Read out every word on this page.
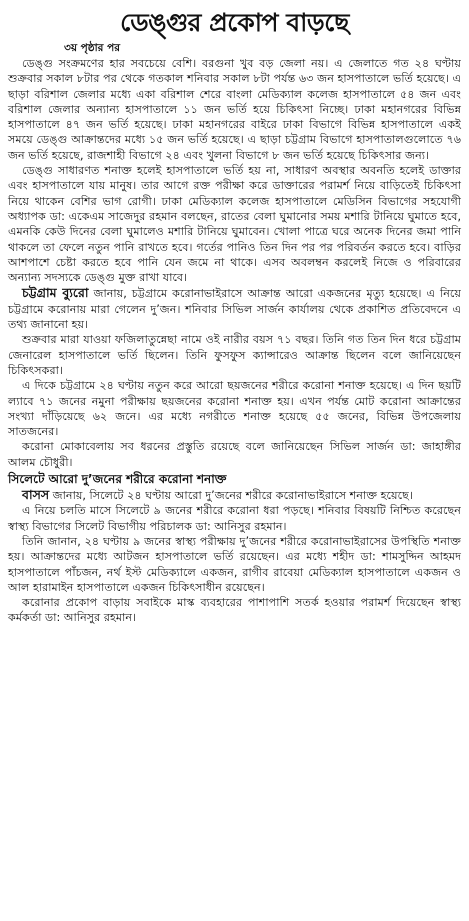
ডেঙ্গুর প্রকোপ বাড়ছে
৩য় পৃষ্ঠার পর

ডেঙ্গু সংক্রমণের হার সবচেয়ে বেশি। বরগুনা খুব বড় জেলা নয়। এ জেলাতে গত ২৪ ঘণ্টায় শুক্রবার সকাল ৮টার পর থেকে গতকাল শনিবার সকাল ৮টা পর্যন্ত ৬৩ জন হাসপাতালে ভর্তি হয়েছে। এ ছাড়া বরিশাল জেলার মধ্যে একা বরিশাল শেরে বাংলা মেডিক্যাল কলেজ হাসপাতালে ৫৪ জন এবং বরিশাল জেলার অন্যান্য হাসপাতালে ১১ জন ভর্তি হয়ে চিকিৎসা নিচ্ছে। ঢাকা মহানগরের বিভিন্ন হাসপাতালে ৪৭ জন ভর্তি হয়েছে। ঢাকা মহানগরের বাইরে ঢাকা বিভাগে বিভিন্ন হাসপাতালে একই সময়ে ডেঙ্গু আক্রান্তদের মধ্যে ১৫ জন ভর্তি হয়েছে। এ ছাড়া চট্টগ্রাম বিভাগে হাসপাতালগুলোতে ৭৬ জন ভর্তি হয়েছে, রাজশাহী বিভাগে ২৪ এবং খুলনা বিভাগে ৮ জন ভর্তি হয়েছে চিকিৎসার জন্য।

ডেঙ্গু সাধারণত শনাক্ত হলেই হাসপাতালে ভর্তি হয় না, সাধারণ অবস্থার অবনতি হলেই ডাক্তার এবং হাসপাতালে যায় মানুষ। তার আগে রক্ত পরীক্ষা করে ডাক্তারের পরামর্শ নিয়ে বাড়িতেই চিকিৎসা নিয়ে থাকেন বেশির ভাগ রোগী। ঢাকা মেডিক্যাল কলেজ হাসপাতালে মেডিসিন বিভাগের সহযোগী অধ্যাপক ডা: একেএম সাজেদুর রহমান বলছেন, রাতের বেলা ঘুমানোর সময় মশারি টানিয়ে ঘুমাতে হবে, এমনকি কেউ দিনের বেলা ঘুমালেও মশারি টানিয়ে ঘুমাবেন। খোলা পাত্রে ঘরে অনেক দিনের জমা পানি থাকলে তা ফেলে নতুন পানি রাখতে হবে। গর্তের পানিও তিন দিন পর পর পরিবর্তন করতে হবে। বাড়ির আশপাশে চেষ্টা করতে হবে পানি যেন জমে না থাকে। এসব অবলম্বন করলেই নিজে ও পরিবারের অন্যান্য সদস্যকে ডেঙ্গু মুক্ত রাখা যাবে।

চট্টগ্রাম ব্যুরো জানায়, চট্টগ্রামে করোনাভাইরাসে আক্রান্ত আরো একজনের মৃত্যু হয়েছে। এ নিয়ে চট্টগ্রামে করোনায় মারা গেলেন দু’জন। শনিবার সিভিল সার্জন কার্যালয় থেকে প্রকাশিত প্রতিবেদনে এ তথ্য জানানো হয়।

শুক্রবার মারা যাওয়া ফজিলাতুন্নেছা নামে ওই নারীর বয়স ৭১ বছর। তিনি গত তিন দিন ধরে চট্টগ্রাম জেনারেল হাসপাতালে ভর্তি ছিলেন। তিনি ফুসফুস ক্যান্সারেও আক্রান্ত ছিলেন বলে জানিয়েছেন চিকিৎসকরা।

এ দিকে চট্টগ্রামে ২৪ ঘণ্টায় নতুন করে আরো ছয়জনের শরীরে করোনা শনাক্ত হয়েছে। এ দিন ছয়টি ল্যাবে ৭১ জনের নমুনা পরীক্ষায় ছয়জনের করোনা শনাক্ত হয়। এখন পর্যন্ত মোট করোনা আক্রান্তের সংখ্যা দাঁড়িয়েছে ৬২ জনে। এর মধ্যে নগরীতে শনাক্ত হয়েছে ৫৫ জনের, বিভিন্ন উপজেলায় সাতজনের।

করোনা মোকাবেলায় সব ধরনের প্রস্তুতি রয়েছে বলে জানিয়েছেন সিভিল সার্জন ডা: জাহাঙ্গীর আলম চৌধুরী।

সিলেটে আরো দু’জনের শরীরে করোনা শনাক্ত

বাসস জানায়, সিলেটে ২৪ ঘণ্টায় আরো দু’জনের শরীরে করোনাভাইরাসে শনাক্ত হয়েছে।

এ নিয়ে চলতি মাসে সিলেটে ৯ জনের শরীরে করোনা ধরা পড়ছে। শনিবার বিষয়টি নিশ্চিত করেছেন স্বাস্থ্য বিভাগের সিলেট বিভাগীয় পরিচালক ডা: আনিসুর রহমান।

তিনি জানান, ২৪ ঘণ্টায় ৯ জনের স্বাস্থ্য পরীক্ষায় দু’জনের শরীরে করোনাভাইরাসের উপস্থিতি শনাক্ত হয়। আক্রান্তদের মধ্যে আটজন হাসপাতালে ভর্তি রয়েছেন। এর মধ্যে শহীদ ডা: শামসুদ্দিন আহমদ হাসপাতালে পাঁচজন, নর্থ ইস্ট মেডিক্যালে একজন, রাগীব রাবেয়া মেডিক্যাল হাসপাতালে একজন ও আল হারামাইন হাসপাতালে একজন চিকিৎসাধীন রয়েছেন।

করোনার প্রকোপ বাড়ায় সবাইকে মাস্ক ব্যবহারের পাশাপাশি সতর্ক হওয়ার পরামর্শ দিয়েছেন স্বাস্থ্য কর্মকর্তা ডা: আনিসুর রহমান।
